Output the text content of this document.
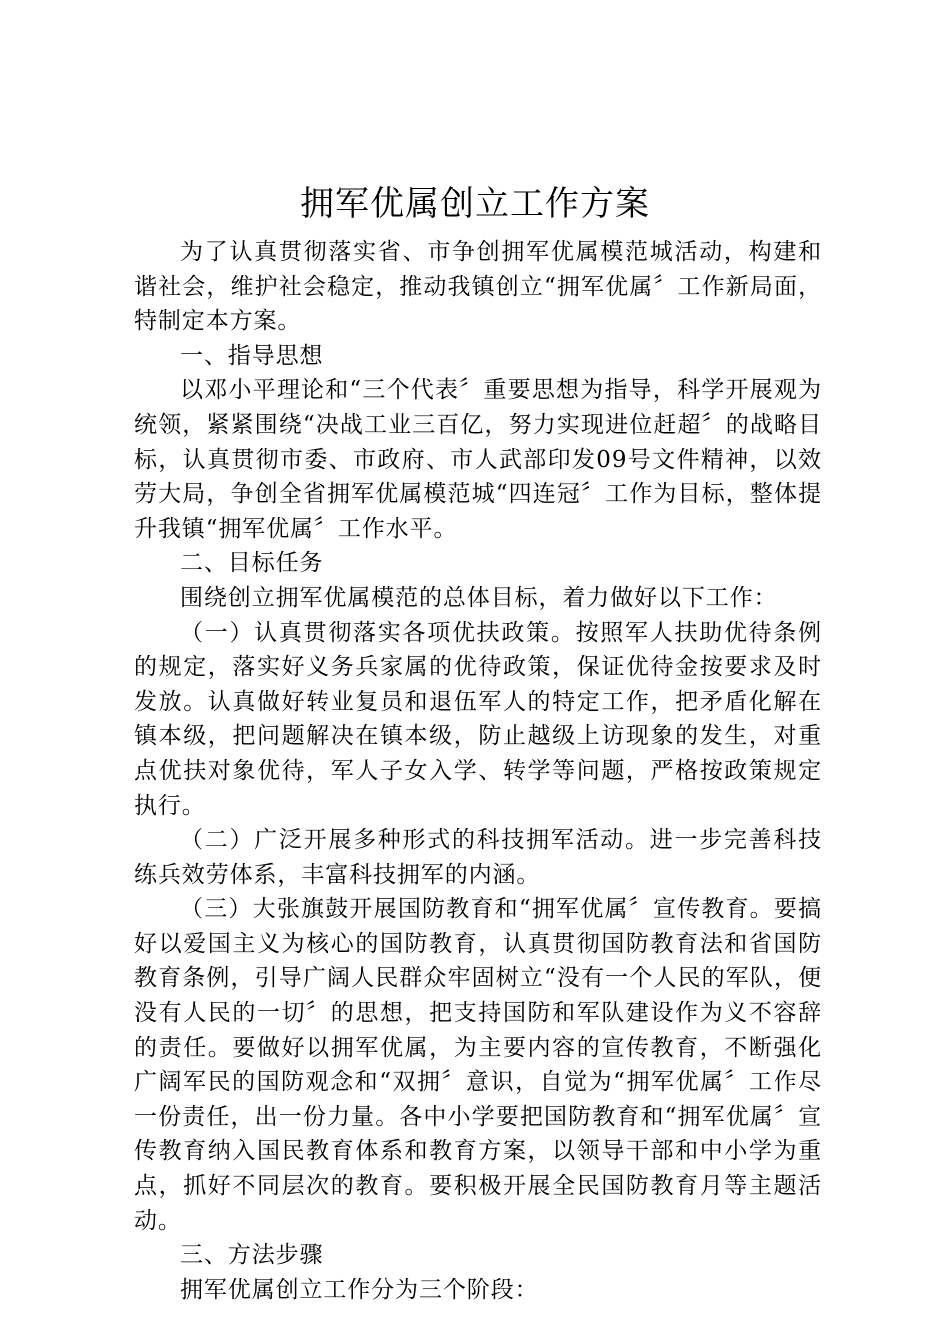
拥军优属创立工作方案

为了认真贯彻落实省、市争创拥军优属模范城活动，构建和谐社会，维护社会稳定，推动我镇创立“拥军优属〞工作新局面，特制定本方案。

一、指导思想

以邓小平理论和“三个代表〞重要思想为指导，科学开展观为统领，紧紧围绕“决战工业三百亿，努力实现进位赶超〞的战略目标，认真贯彻市委、市政府、市人武部印发09号文件精神，以效劳大局，争创全省拥军优属模范城“四连冠〞工作为目标，整体提升我镇“拥军优属〞工作水平。

二、目标任务

围绕创立拥军优属模范的总体目标，着力做好以下工作：

（一）认真贯彻落实各项优扶政策。按照军人扶助优待条例的规定，落实好义务兵家属的优待政策，保证优待金按要求及时发放。认真做好转业复员和退伍军人的特定工作，把矛盾化解在镇本级，把问题解决在镇本级，防止越级上访现象的发生，对重点优扶对象优待，军人子女入学、转学等问题，严格按政策规定执行。

（二）广泛开展多种形式的科技拥军活动。进一步完善科技练兵效劳体系，丰富科技拥军的内涵。

（三）大张旗鼓开展国防教育和“拥军优属〞宣传教育。要搞好以爱国主义为核心的国防教育，认真贯彻国防教育法和省国防教育条例，引导广阔人民群众牢固树立“没有一个人民的军队，便没有人民的一切〞的思想，把支持国防和军队建设作为义不容辞的责任。要做好以拥军优属，为主要内容的宣传教育，不断强化广阔军民的国防观念和“双拥〞意识，自觉为“拥军优属〞工作尽一份责任，出一份力量。各中小学要把国防教育和“拥军优属〞宣传教育纳入国民教育体系和教育方案，以领导干部和中小学为重点，抓好不同层次的教育。要积极开展全民国防教育月等主题活动。

三、方法步骤

拥军优属创立工作分为三个阶段：
